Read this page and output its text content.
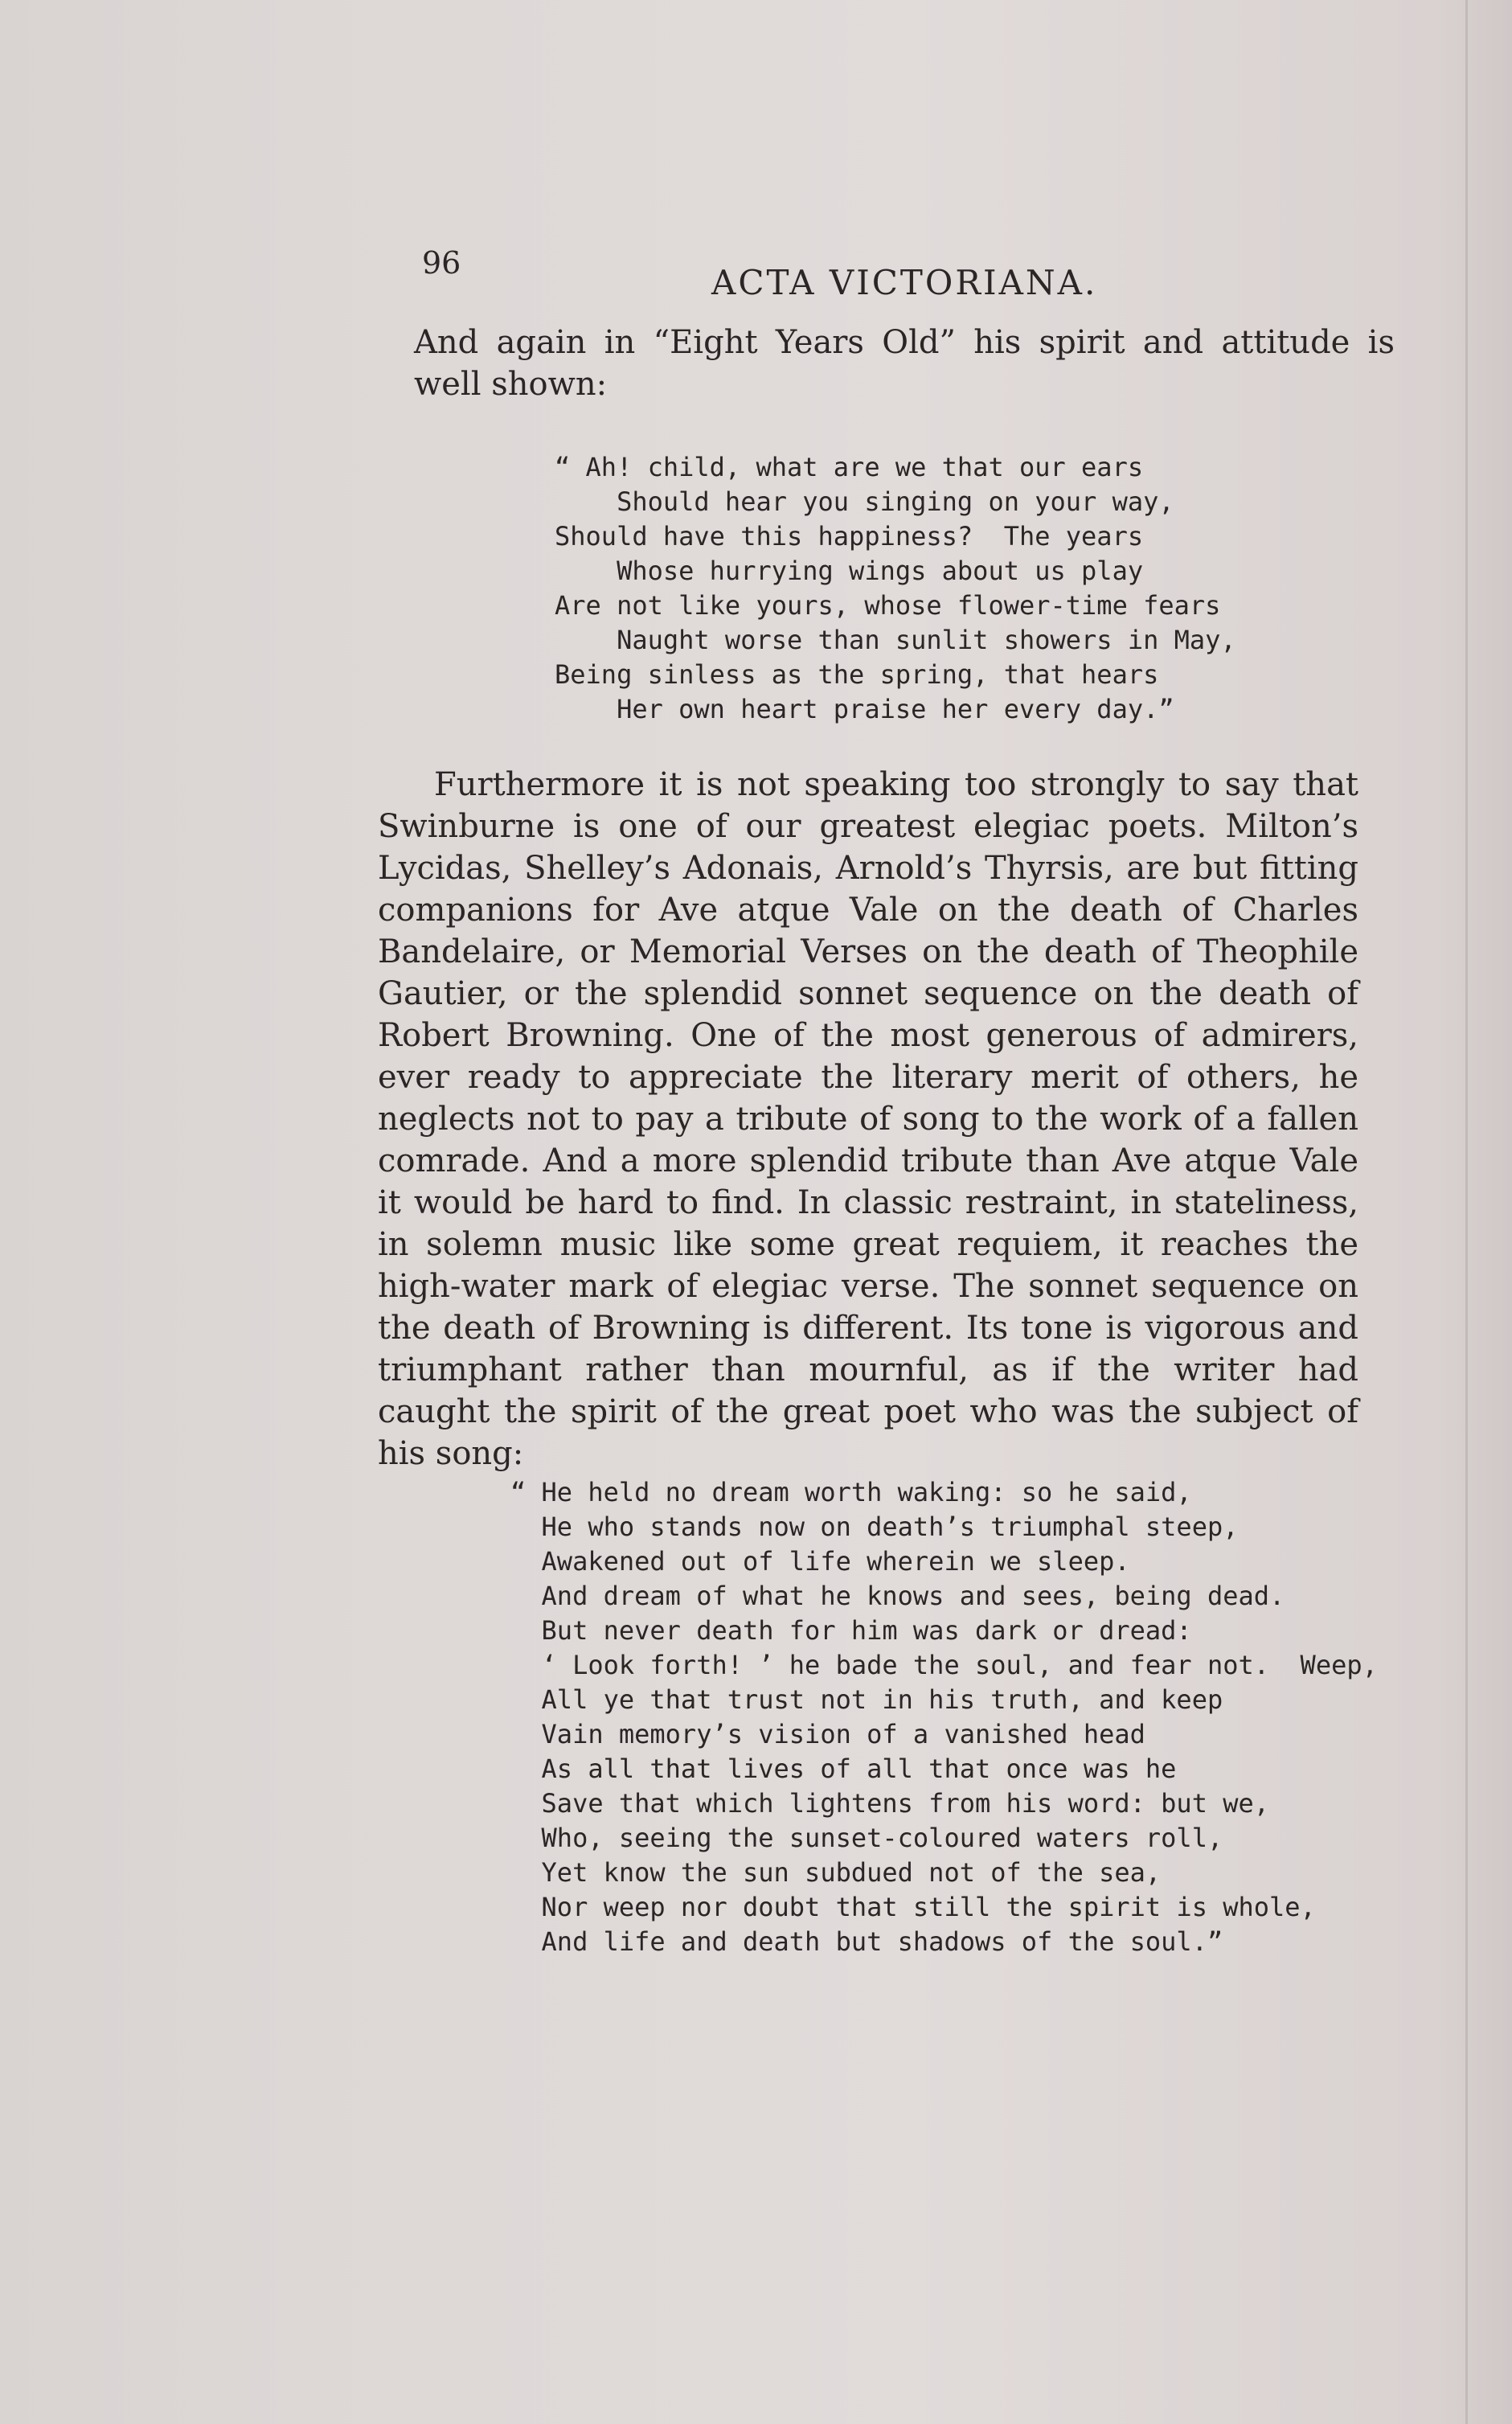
96	ACTA VICTORIANA.

And again in “Eight Years Old” his spirit and attitude is well shown:

“ Ah! child, what are we that our ears
Should hear you singing on your way,
Should have this happiness?  The years
Whose hurrying wings about us play
Are not like yours, whose flower-time fears
Naught worse than sunlit showers in May,
Being sinless as the spring, that hears
Her own heart praise her every day.”

Furthermore it is not speaking too strongly to say that Swinburne is one of our greatest elegiac poets. Milton’s Lycidas, Shelley’s Adonais, Arnold’s Thyrsis, are but fitting companions for Ave atque Vale on the death of Charles Bandelaire, or Memorial Verses on the death of Theophile Gautier, or the splendid sonnet sequence on the death of Robert Browning. One of the most generous of admirers, ever ready to appreciate the literary merit of others, he neglects not to pay a tribute of song to the work of a fallen comrade. And a more splendid tribute than Ave atque Vale it would be hard to find. In classic restraint, in stateliness, in solemn music like some great requiem, it reaches the high-water mark of elegiac verse. The sonnet sequence on the death of Browning is different. Its tone is vigorous and triumphant rather than mournful, as if the writer had caught the spirit of the great poet who was the subject of his song:

“ He held no dream worth waking: so he said,
He who stands now on death’s triumphal steep,
Awakened out of life wherein we sleep.
And dream of what he knows and sees, being dead.
But never death for him was dark or dread:
‘ Look forth! ’ he bade the soul, and fear not.  Weep,
All ye that trust not in his truth, and keep
Vain memory’s vision of a vanished head
As all that lives of all that once was he
Save that which lightens from his word: but we,
Who, seeing the sunset-coloured waters roll,
Yet know the sun subdued not of the sea,
Nor weep nor doubt that still the spirit is whole,
And life and death but shadows of the soul.”
